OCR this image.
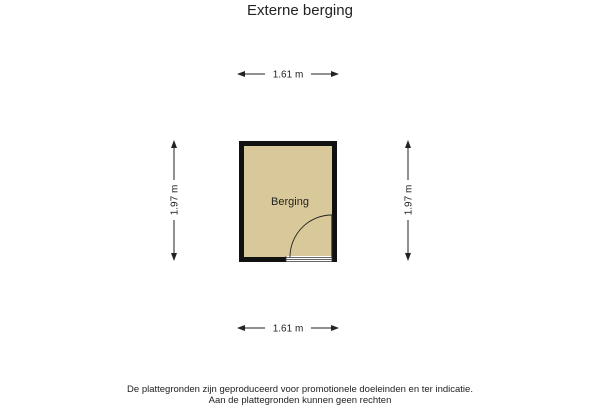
Externe berging
1.61 m
1.61 m
1.97 m	1.97 m
Berging
De plattegronden zijn geproduceerd voor promotionele doeleinden en ter indicatie.
Aan de plattegronden kunnen geen rechten
